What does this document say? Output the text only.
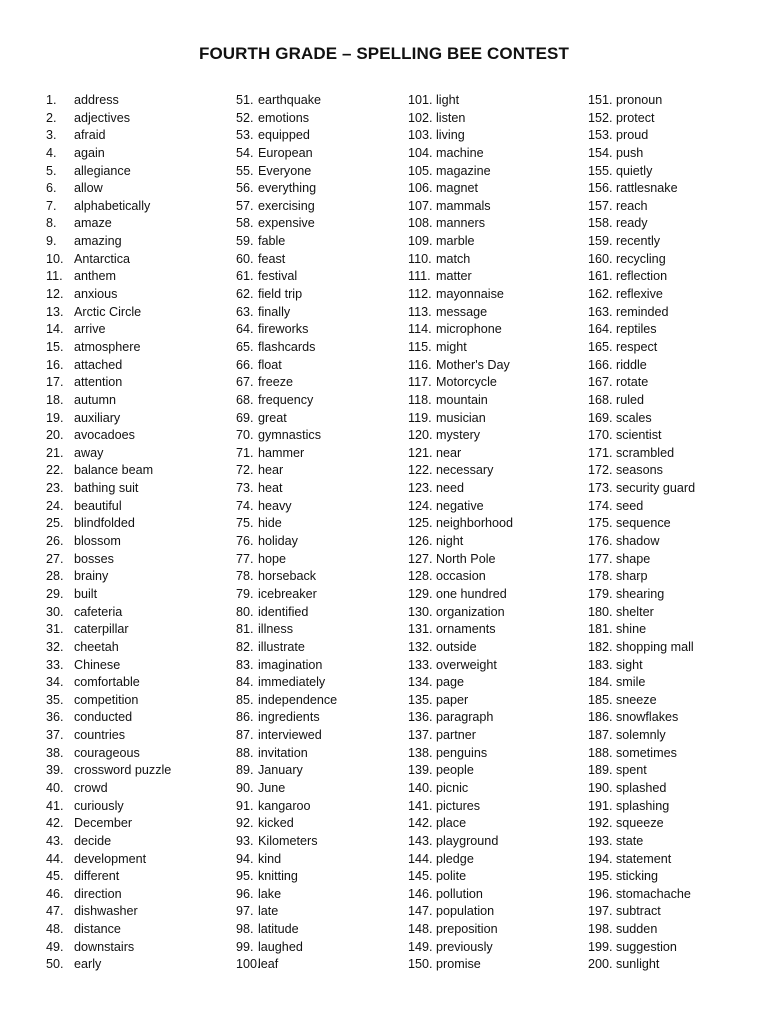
FOURTH GRADE – SPELLING BEE CONTEST
1. address
2. adjectives
3. afraid
4. again
5. allegiance
6. allow
7. alphabetically
8. amaze
9. amazing
10. Antarctica
11. anthem
12. anxious
13. Arctic Circle
14. arrive
15. atmosphere
16. attached
17. attention
18. autumn
19. auxiliary
20. avocadoes
21. away
22. balance beam
23. bathing suit
24. beautiful
25. blindfolded
26. blossom
27. bosses
28. brainy
29. built
30. cafeteria
31. caterpillar
32. cheetah
33. Chinese
34. comfortable
35. competition
36. conducted
37. countries
38. courageous
39. crossword puzzle
40. crowd
41. curiously
42. December
43. decide
44. development
45. different
46. direction
47. dishwasher
48. distance
49. downstairs
50. early
51. earthquake
52. emotions
53. equipped
54. European
55. Everyone
56. everything
57. exercising
58. expensive
59. fable
60. feast
61. festival
62. field trip
63. finally
64. fireworks
65. flashcards
66. float
67. freeze
68. frequency
69. great
70. gymnastics
71. hammer
72. hear
73. heat
74. heavy
75. hide
76. holiday
77. hope
78. horseback
79. icebreaker
80. identified
81. illness
82. illustrate
83. imagination
84. immediately
85. independence
86. ingredients
87. interviewed
88. invitation
89. January
90. June
91. kangaroo
92. kicked
93. Kilometers
94. kind
95. knitting
96. lake
97. late
98. latitude
99. laughed
100.
leaf
101. light
102. listen
103. living
104. machine
105. magazine
106. magnet
107. mammals
108. manners
109. marble
110. match
111. matter
112. mayonnaise
113. message
114. microphone
115. might
116. Mother's Day
117. Motorcycle
118. mountain
119. musician
120. mystery
121. near
122. necessary
123. need
124. negative
125. neighborhood
126. night
127. North Pole
128. occasion
129. one hundred
130. organization
131. ornaments
132. outside
133. overweight
134. page
135. paper
136. paragraph
137. partner
138. penguins
139. people
140. picnic
141. pictures
142. place
143. playground
144. pledge
145. polite
146. pollution
147. population
148. preposition
149. previously
150. promise
151. pronoun
152. protect
153. proud
154. push
155. quietly
156. rattlesnake
157. reach
158. ready
159. recently
160. recycling
161. reflection
162. reflexive
163. reminded
164. reptiles
165. respect
166. riddle
167. rotate
168. ruled
169. scales
170. scientist
171. scrambled
172. seasons
173. security guard
174. seed
175. sequence
176. shadow
177. shape
178. sharp
179. shearing
180. shelter
181. shine
182. shopping mall
183. sight
184. smile
185. sneeze
186. snowflakes
187. solemnly
188. sometimes
189. spent
190. splashed
191. splashing
192. squeeze
193. state
194. statement
195. sticking
196. stomachache
197. subtract
198. sudden
199. suggestion
200. sunlight
